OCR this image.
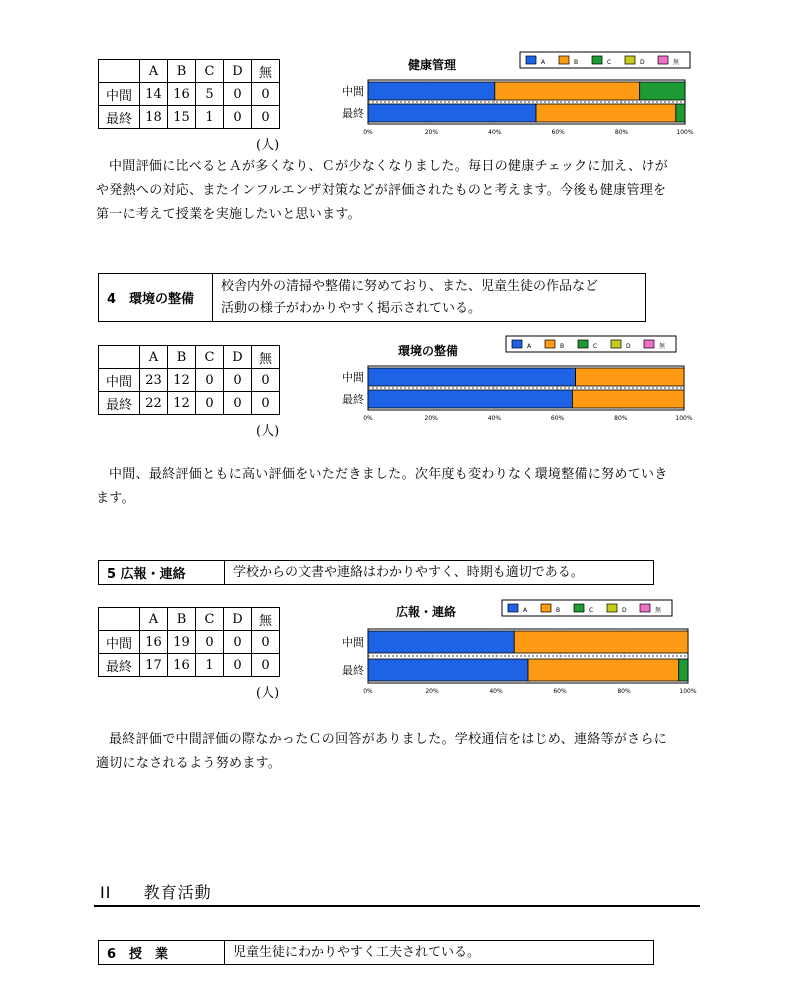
	A	B	C	D	無
中間	14	16	5	0	0
最終	18	15	1	0	0
(人)
健康管理	A	B	C	D	無
中間
最終
0%	20%	40%	60%	80%	100%
中間評価に比べるとＡが多くなり、Ｃが少なくなりました。毎日の健康チェックに加え、けが
や発熱への対応、またインフルエンザ対策などが評価されたものと考えます。今後も健康管理を
第一に考えて授業を実施したいと思います。
4　環境の整備
校舎内外の清掃や整備に努めており、また、児童生徒の作品など
活動の様子がわかりやすく掲示されている。
	A	B	C	D	無
中間	23	12	0	0	0
最終	22	12	0	0	0
(人)
環境の整備	A	B	C	D	無
中間
最終
0%	20%	40%	60%	80%	100%
中間、最終評価ともに高い評価をいただきました。次年度も変わりなく環境整備に努めていき
ます。
5 広報・連絡	学校からの文書や連絡はわかりやすく、時期も適切である。
	A	B	C	D	無
中間	16	19	0	0	0
最終	17	16	1	0	0
(人)
広報・連絡	A	B	C	D	無
中間
最終
0%	20%	40%	60%	80%	100%
最終評価で中間評価の際なかったＣの回答がありました。学校通信をはじめ、連絡等がさらに
適切になされるよう努めます。
II 教育活動
6　授　業	児童生徒にわかりやすく工夫されている。
